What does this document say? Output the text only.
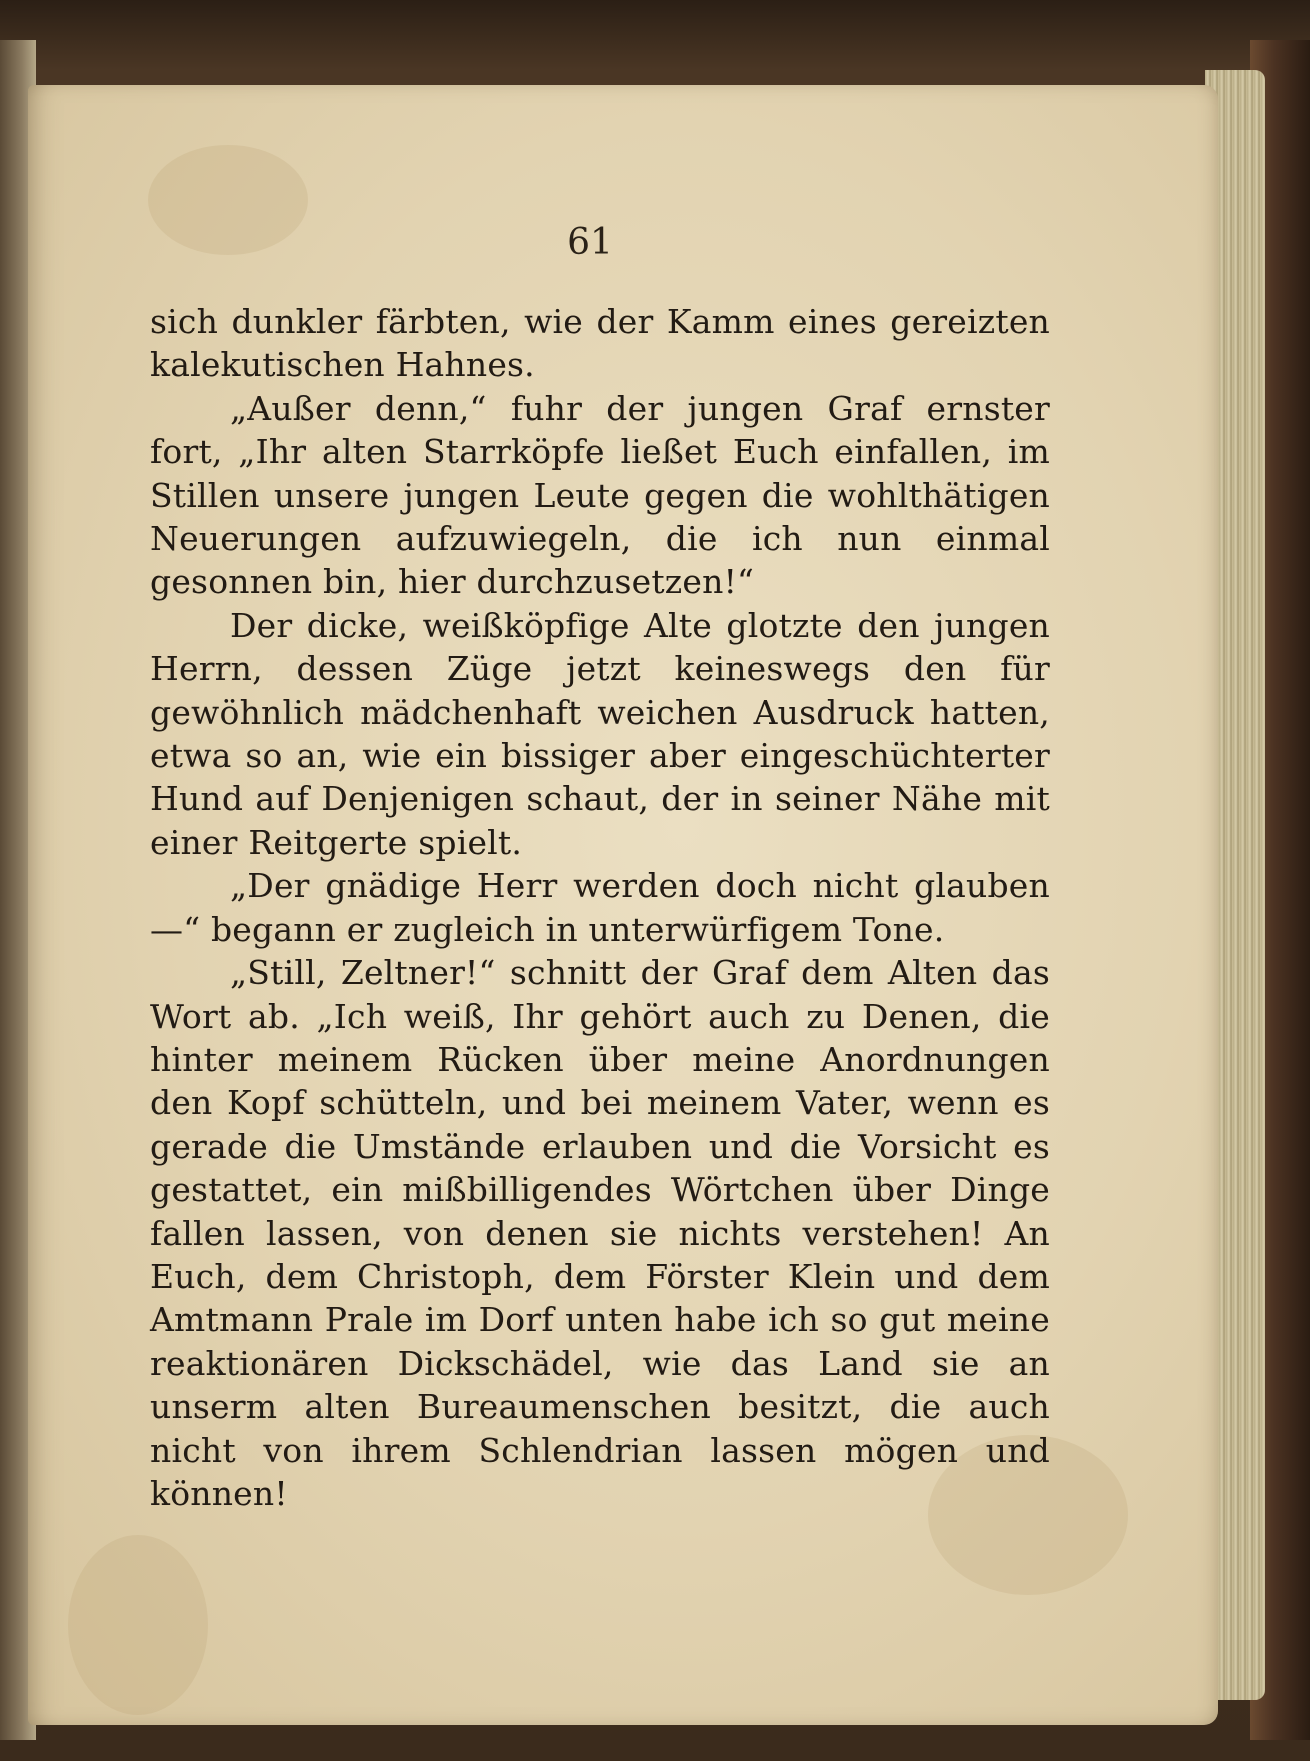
61

sich dunkler färbten, wie der Kamm eines gereizten kalekutischen Hahnes.

„Außer denn,“ fuhr der jungen Graf ernster fort, „Ihr alten Starrköpfe ließet Euch einfallen, im Stillen unsere jungen Leute gegen die wohlthätigen Neuerungen aufzuwiegeln, die ich nun einmal gesonnen bin, hier durchzusetzen!“

Der dicke, weißköpfige Alte glotzte den jungen Herrn, dessen Züge jetzt keineswegs den für gewöhnlich mädchenhaft weichen Ausdruck hatten, etwa so an, wie ein bissiger aber eingeschüchterter Hund auf Denjenigen schaut, der in seiner Nähe mit einer Reitgerte spielt.

„Der gnädige Herr werden doch nicht glauben —“ begann er zugleich in unterwürfigem Tone.

„Still, Zeltner!“ schnitt der Graf dem Alten das Wort ab. „Ich weiß, Ihr gehört auch zu Denen, die hinter meinem Rücken über meine Anordnungen den Kopf schütteln, und bei meinem Vater, wenn es gerade die Umstände erlauben und die Vorsicht es gestattet, ein mißbilligendes Wörtchen über Dinge fallen lassen, von denen sie nichts verstehen! An Euch, dem Christoph, dem Förster Klein und dem Amtmann Prale im Dorf unten habe ich so gut meine reaktionären Dickschädel, wie das Land sie an unserm alten Bureaumenschen besitzt, die auch nicht von ihrem Schlendrian lassen mögen und können!
